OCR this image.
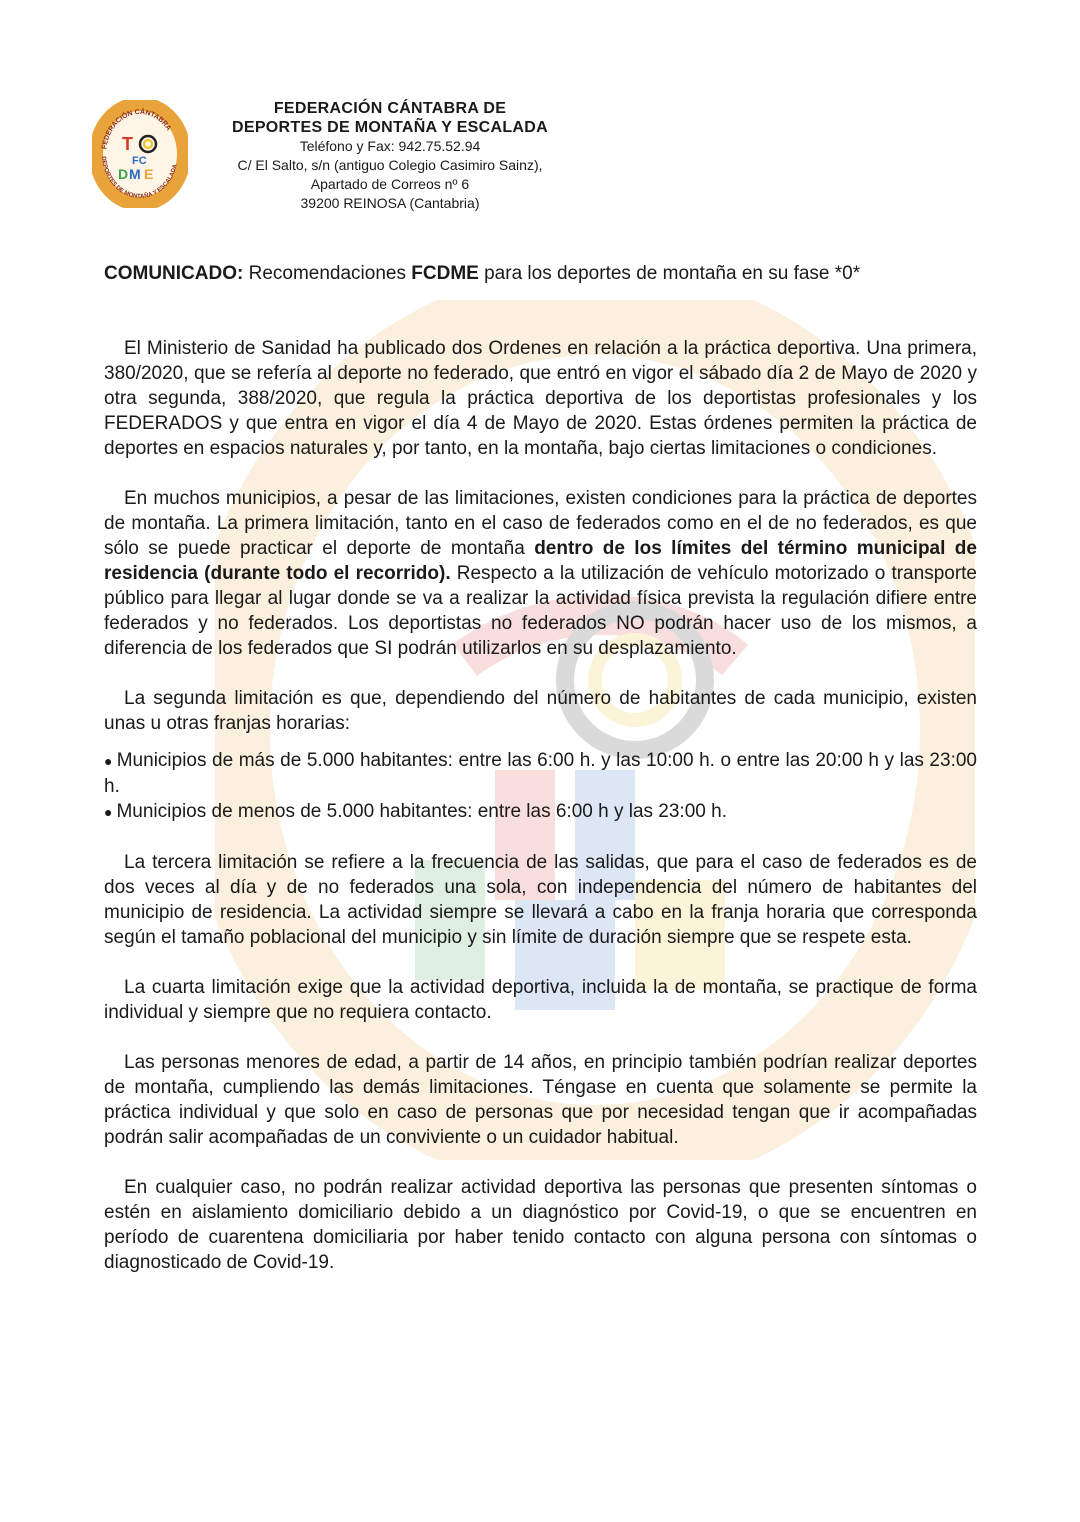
FEDERACIÓN CÁNTABRA
DEPORTES DE MONTAÑA Y ESCALADA
T
FC
D M E
FEDERACIÓN CÁNTABRA DE
DEPORTES DE MONTAÑA Y ESCALADA
Teléfono y Fax: 942.75.52.94
C/ El Salto, s/n (antiguo Colegio Casimiro Sainz),
Apartado de Correos nº 6
39200 REINOSA (Cantabria)
COMUNICADO: Recomendaciones FCDME para los deportes de montaña en su fase *0*

El Ministerio de Sanidad ha publicado dos Ordenes en relación a la práctica deportiva. Una primera, 380/2020, que se refería al deporte no federado, que entró en vigor el sábado día 2 de Mayo de 2020 y otra segunda, 388/2020, que regula la práctica deportiva de los deportistas profesionales y los FEDERADOS y que entra en vigor el día 4 de Mayo de 2020. Estas órdenes permiten la práctica de deportes en espacios naturales y, por tanto, en la montaña, bajo ciertas limitaciones o condiciones.

En muchos municipios, a pesar de las limitaciones, existen condiciones para la práctica de deportes de montaña. La primera limitación, tanto en el caso de federados como en el de no federados, es que sólo se puede practicar el deporte de montaña dentro de los límites del término municipal de residencia (durante todo el recorrido). Respecto a la utilización de vehículo motorizado o transporte público para llegar al lugar donde se va a realizar la actividad física prevista la regulación difiere entre federados y no federados. Los deportistas no federados NO podrán hacer uso de los mismos, a diferencia de los federados que SI podrán utilizarlos en su desplazamiento.

La segunda limitación es que, dependiendo del número de habitantes de cada municipio, existen unas u otras franjas horarias:

● Municipios de más de 5.000 habitantes: entre las 6:00 h. y las 10:00 h. o entre las 20:00 h y las 23:00 h.
● Municipios de menos de 5.000 habitantes: entre las 6:00 h y las 23:00 h.

La tercera limitación se refiere a la frecuencia de las salidas, que para el caso de federados es de dos veces al día y de no federados una sola, con independencia del número de habitantes del municipio de residencia. La actividad siempre se llevará a cabo en la franja horaria que corresponda según el tamaño poblacional del municipio y sin límite de duración siempre que se respete esta.

La cuarta limitación exige que la actividad deportiva, incluida la de montaña, se practique de forma individual y siempre que no requiera contacto.

Las personas menores de edad, a partir de 14 años, en principio también podrían realizar deportes de montaña, cumpliendo las demás limitaciones. Téngase en cuenta que solamente se permite la práctica individual y que solo en caso de personas que por necesidad tengan que ir acompañadas podrán salir acompañadas de un conviviente o un cuidador habitual.

En cualquier caso, no podrán realizar actividad deportiva las personas que presenten síntomas o estén en aislamiento domiciliario debido a un diagnóstico por Covid-19, o que se encuentren en período de cuarentena domiciliaria por haber tenido contacto con alguna persona con síntomas o diagnosticado de Covid-19.
